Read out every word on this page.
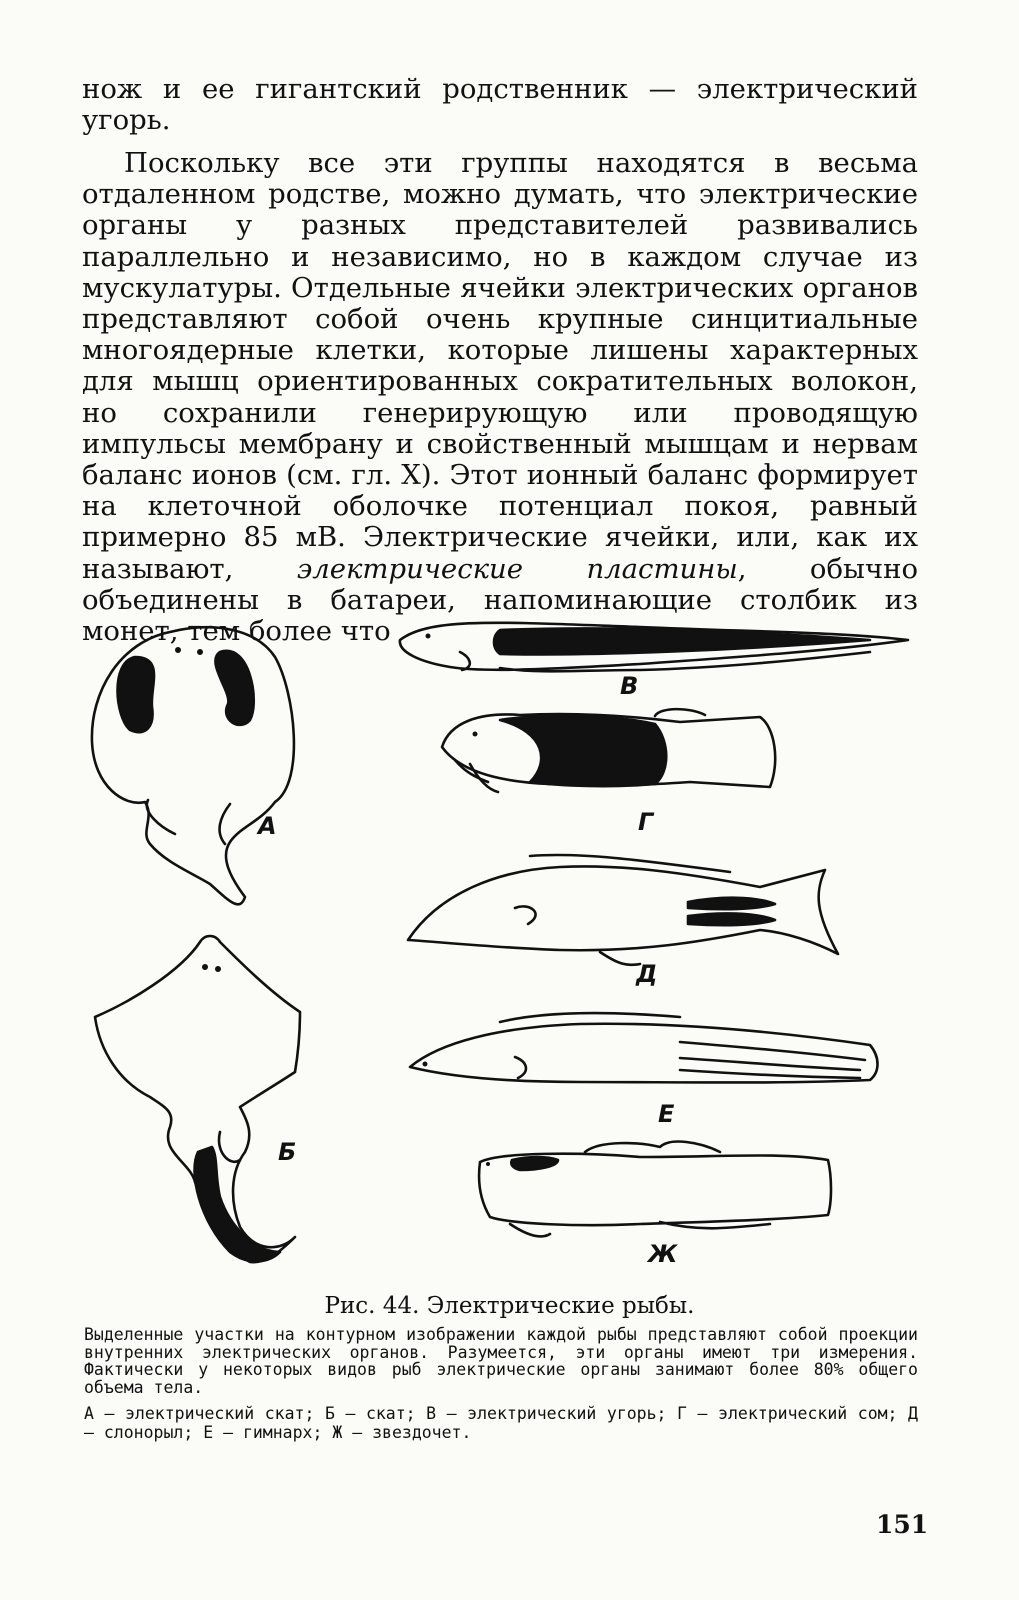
нож и ее гигантский родственник — электрический угорь.

Поскольку все эти группы находятся в весьма отдаленном родстве, можно думать, что электрические органы у разных представителей развивались параллельно и независимо, но в каждом случае из мускулатуры. Отдельные ячейки электрических органов представляют собой очень крупные синцитиальные многоядерные клетки, которые лишены характерных для мышц ориентированных сократительных волокон, но сохранили генерирующую или проводящую импульсы мембрану и свойственный мышцам и нервам баланс ионов (см. гл. X). Этот ионный баланс формирует на клеточной оболочке потенциал покоя, равный примерно 85 мВ. Электрические ячейки, или, как их называют, электрические пластины, обычно объединены в батареи, напоминающие столбик из монет, тем более что

А
Б
В
Г
Д
Е
Ж

Рис. 44. Электрические рыбы.

Выделенные участки на контурном изображении каждой рыбы представляют собой проекции внутренних электрических органов. Разумеется, эти органы имеют три измерения. Фактически у некоторых видов рыб электрические органы занимают более 80% общего объема тела.

А — электрический скат; Б — скат; В — электрический угорь; Г — электрический сом; Д — слонорыл; Е — гимнарх; Ж — звездочет.

151
